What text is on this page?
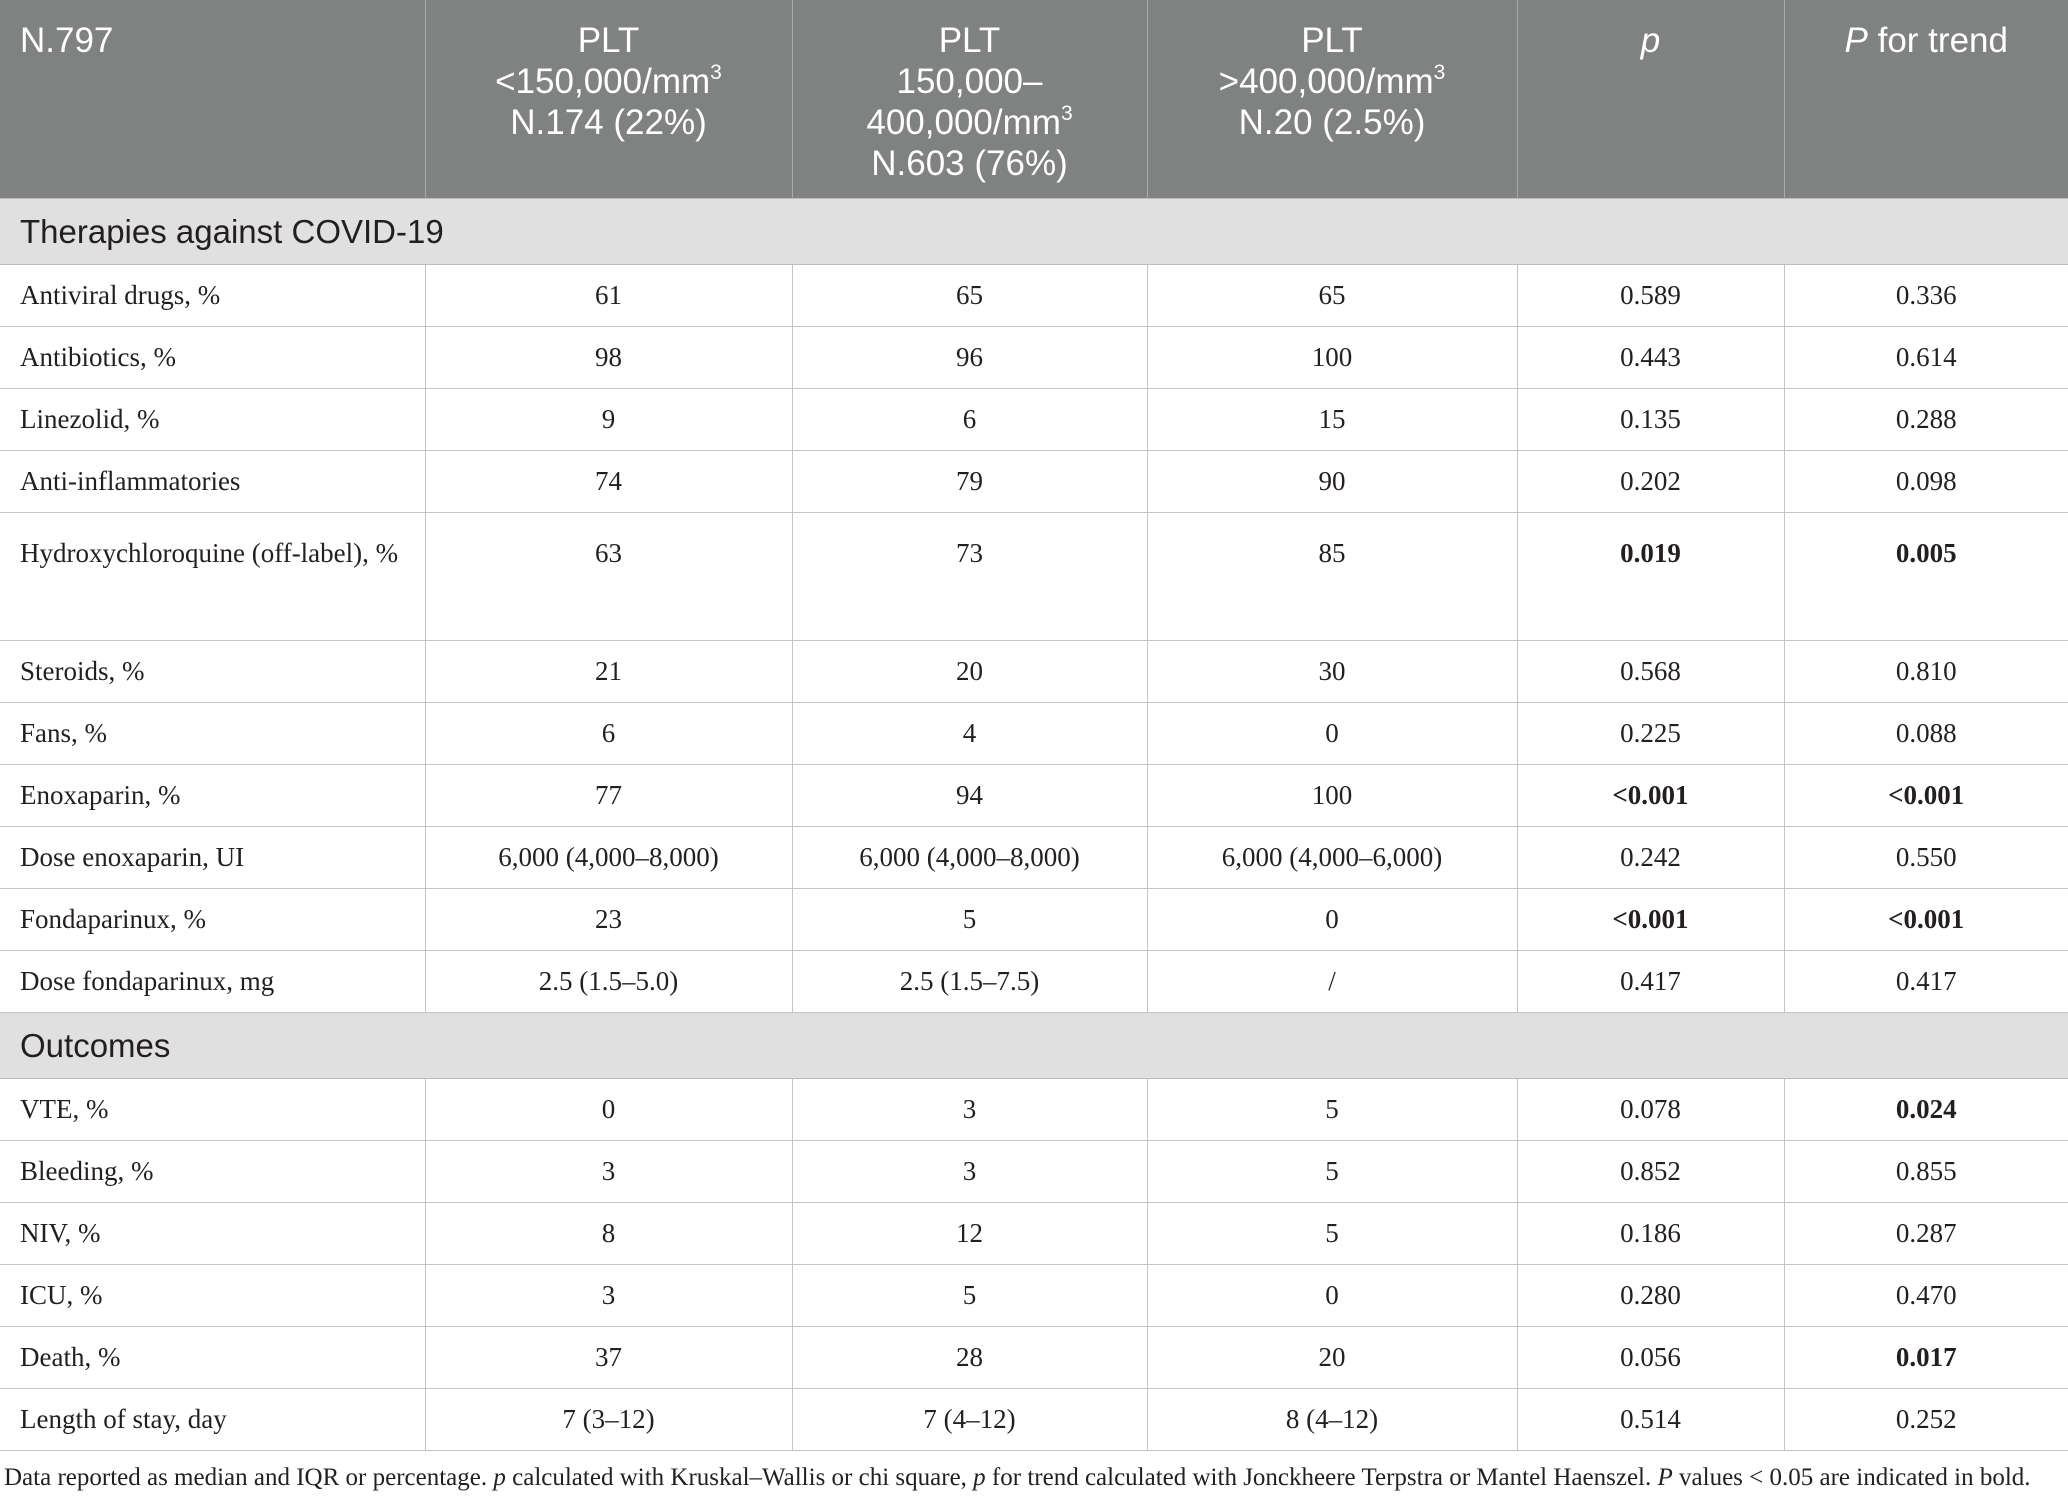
N.797	PLT
$<150,000/mm^3$
N.174 (22%)	PLT
150,000–
$400,000/mm^3$
N.603 (76%)	PLT
$>400,000/mm^3$
N.20 (2.5%)	p	P for trend
Therapies against COVID-19					
Antiviral drugs, %	61	65	65	0.589	0.336
Antibiotics, %	98	96	100	0.443	0.614
Linezolid, %	9	6	15	0.135	0.288
Anti-inflammatories	74	79	90	0.202	0.098
Hydroxychloroquine (off-label), %	63	73	85	0.019	0.005
Steroids, %	21	20	30	0.568	0.810
Fans, %	6	4	0	0.225	0.088
Enoxaparin, %	77	94	100	<0.001	<0.001
Dose enoxaparin, UI	6,000 (4,000–8,000)	6,000 (4,000–8,000)	6,000 (4,000–6,000)	0.242	0.550
Fondaparinux, %	23	5	0	<0.001	<0.001
Dose fondaparinux, mg	2.5 (1.5–5.0)	2.5 (1.5–7.5)	/	0.417	0.417
Outcomes					
VTE, %	0	3	5	0.078	0.024
Bleeding, %	3	3	5	0.852	0.855
NIV, %	8	12	5	0.186	0.287
ICU, %	3	5	0	0.280	0.470
Death, %	37	28	20	0.056	0.017
Length of stay, day	7 (3–12)	7 (4–12)	8 (4–12)	0.514	0.252
Data reported as median and IQR or percentage. p calculated with Kruskal–Wallis or chi square, p for trend calculated with Jonckheere Terpstra or Mantel Haenszel. P values < 0.05 are indicated in bold.
